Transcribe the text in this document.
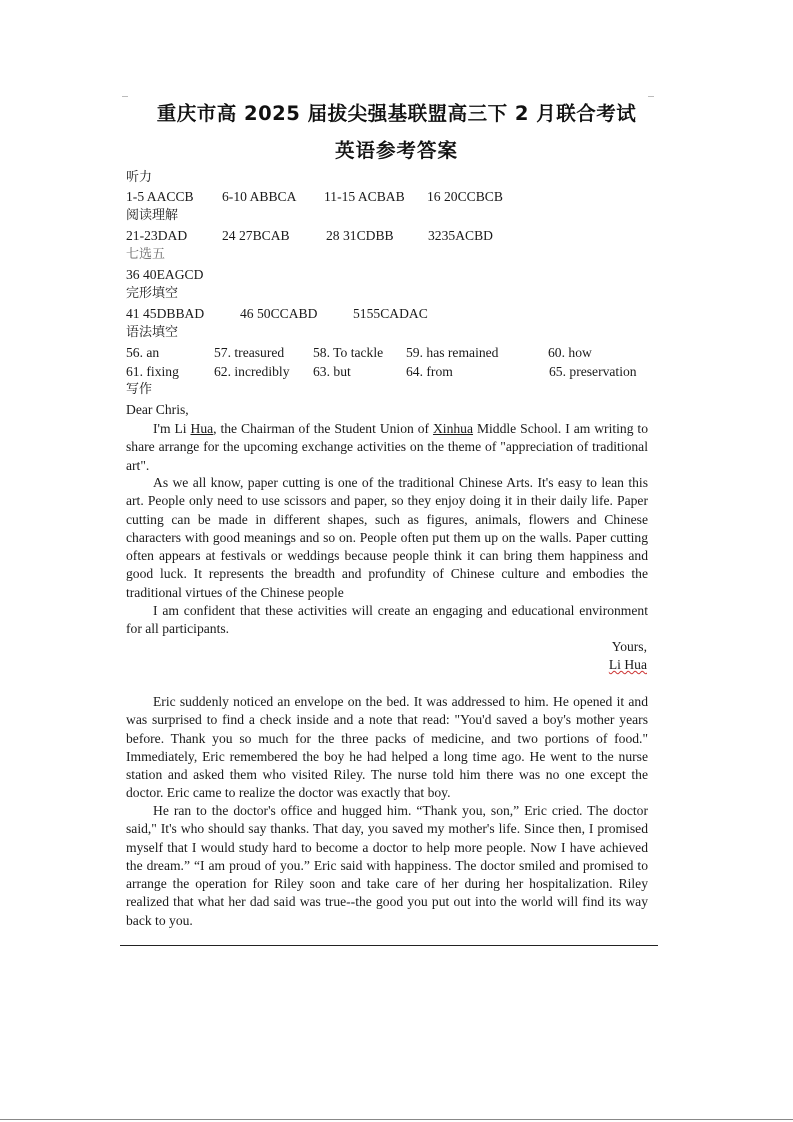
重庆市高 2025 届拔尖强基联盟高三下 2 月联合考试
英语参考答案
听力
1-5 AACCB 6-10 ABBCA 11-15 ACBAB 16 20CCBCB
阅读理解
21-23DAD	24 27BCAB	28 31CDBB	3235ACBD
七选五
36 40EAGCD
完形填空
41 45DBBAD	46 50CCABD	5155CADAC
语法填空
56. an	57. treasured 58. To tackle 59. has remained	60. how
61. fixing	62. incredibly 63. but	64. from	65. preservation
写作
Dear Chris,
I'm Li Hua, the Chairman of the Student Union of Xinhua Middle School. I am writing to share arrange for the upcoming exchange activities on the theme of "appreciation of traditional art".
As we all know, paper cutting is one of the traditional Chinese Arts. It's easy to lean this art. People only need to use scissors and paper, so they enjoy doing it in their daily life. Paper cutting can be made in different shapes, such as figures, animals, flowers and Chinese characters with good meanings and so on. People often put them up on the walls. Paper cutting often appears at festivals or weddings because people think it can bring them happiness and good luck. It represents the breadth and profundity of Chinese culture and embodies the traditional virtues of the Chinese people
I am confident that these activities will create an engaging and educational environment for all participants.
Yours,
Li Hua
Eric suddenly noticed an envelope on the bed. It was addressed to him. He opened it and was surprised to find a check inside and a note that read: "You'd saved a boy's mother years before. Thank you so much for the three packs of medicine, and two portions of food." Immediately, Eric remembered the boy he had helped a long time ago. He went to the nurse station and asked them who visited Riley. The nurse told him there was no one except the doctor. Eric came to realize the doctor was exactly that boy.
He ran to the doctor's office and hugged him. “Thank you, son,” Eric cried. The doctor said," It's who should say thanks. That day, you saved my mother's life. Since then, I promised myself that I would study hard to become a doctor to help more people. Now I have achieved the dream.” “I am proud of you.” Eric said with happiness. The doctor smiled and promised to arrange the operation for Riley soon and take care of her during her hospitalization. Riley realized that what her dad said was true--the good you put out into the world will find its way back to you.
